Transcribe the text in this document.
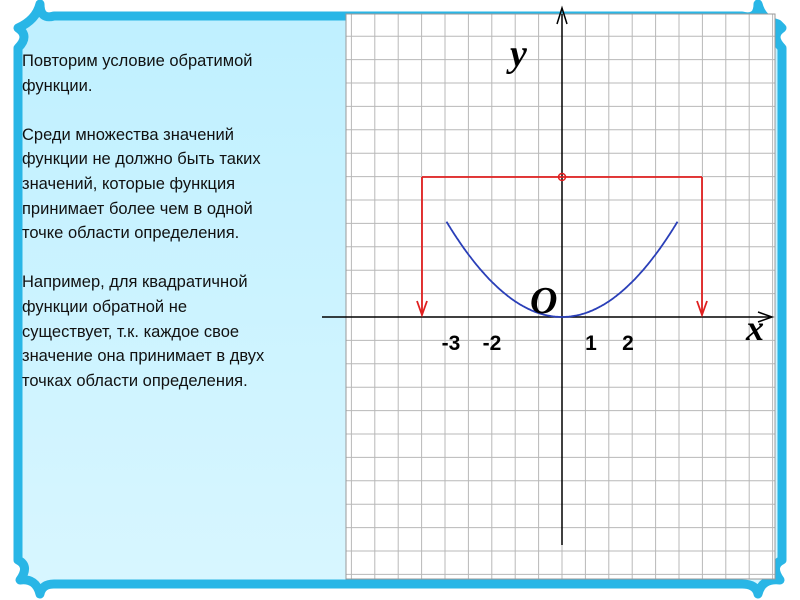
Повторим условие обратимой
функции.

Среди множества значений
функции не должно быть таких
значений, которые функция
принимает более чем в одной
точке области определения.

Например, для квадратичной
функции обратной не
существует, т.к. каждое свое
значение она принимает в двух
точках области определения.

y
x
O
-3 -2	1 2
